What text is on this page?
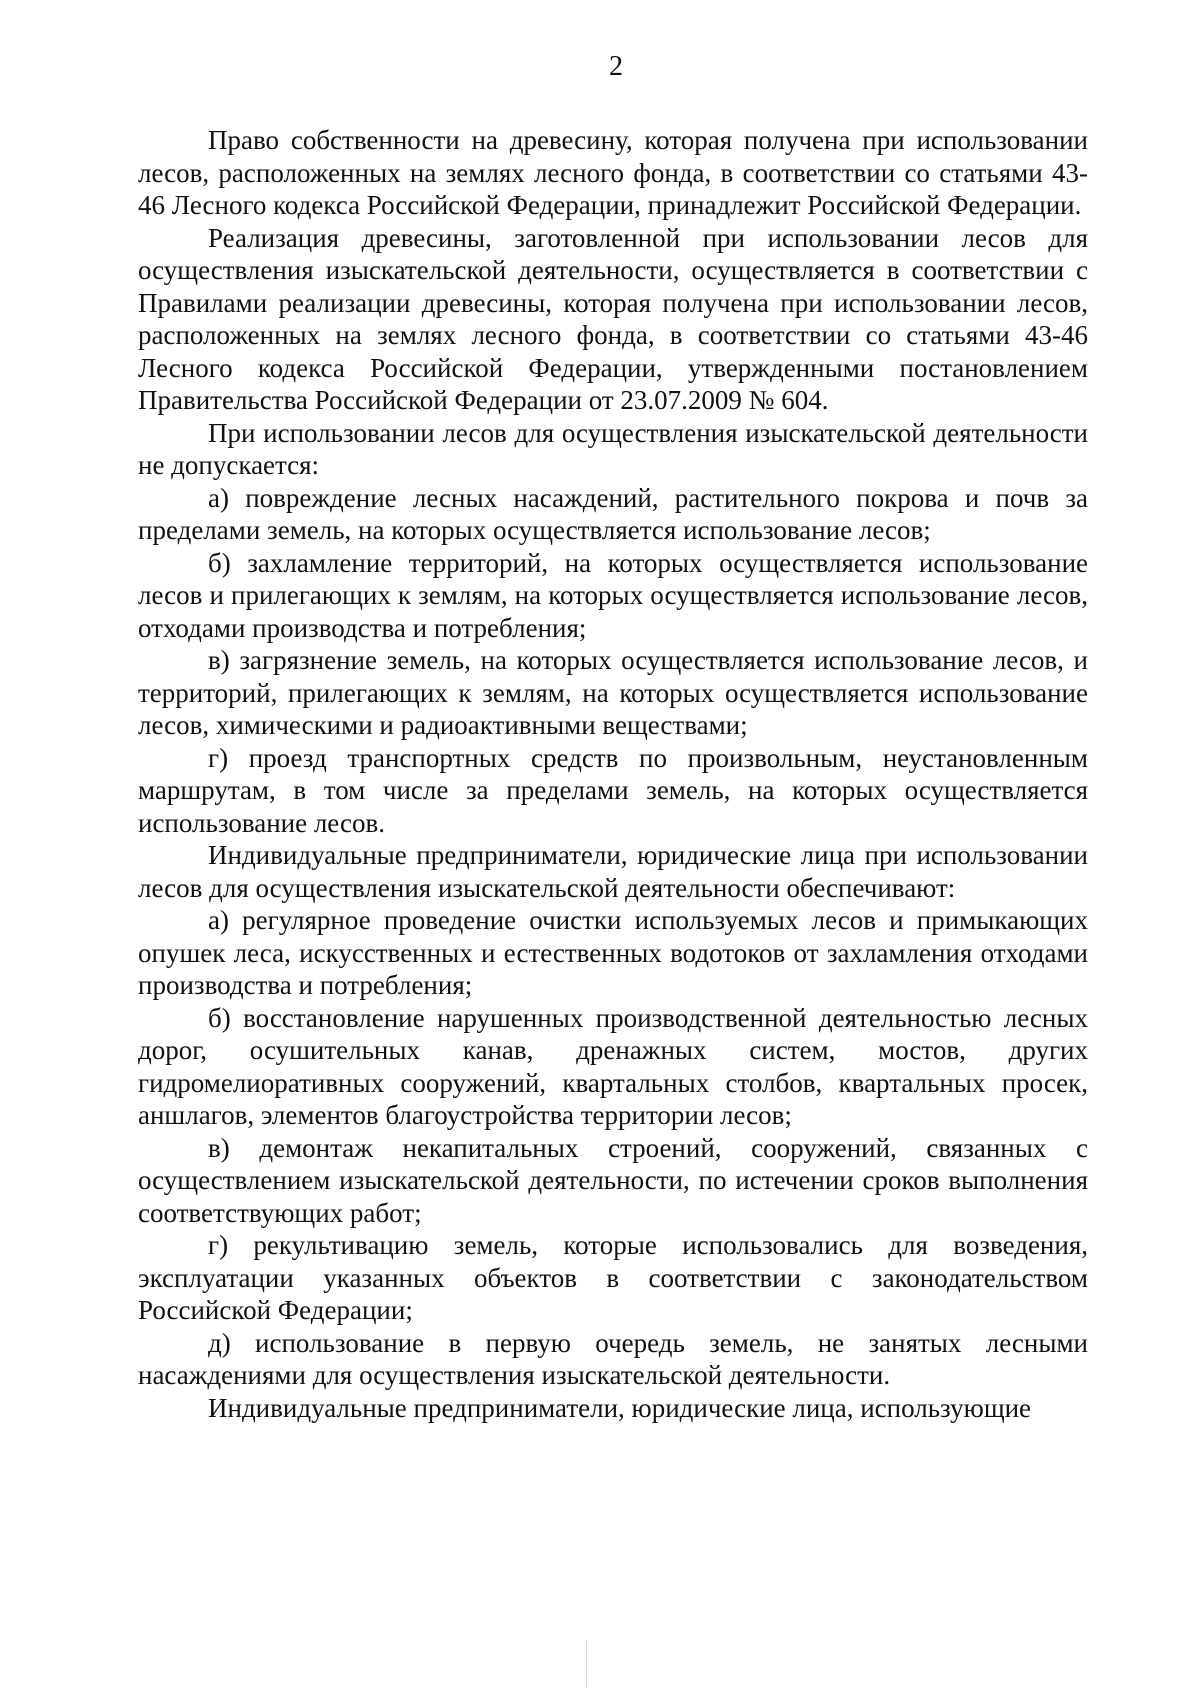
2

Право собственности на древесину, которая получена при использовании лесов, расположенных на землях лесного фонда, в соответствии со статьями 43-46 Лесного кодекса Российской Федерации, принадлежит Российской Федерации.

Реализация древесины, заготовленной при использовании лесов для осуществления изыскательской деятельности, осуществляется в соответствии с Правилами реализации древесины, которая получена при использовании лесов, расположенных на землях лесного фонда, в соответствии со статьями 43-46 Лесного кодекса Российской Федерации, утвержденными постановлением Правительства Российской Федерации от 23.07.2009 № 604.

При использовании лесов для осуществления изыскательской деятельности не допускается:

а) повреждение лесных насаждений, растительного покрова и почв за пределами земель, на которых осуществляется использование лесов;

б) захламление территорий, на которых осуществляется использование лесов и прилегающих к землям, на которых осуществляется использование лесов, отходами производства и потребления;

в) загрязнение земель, на которых осуществляется использование лесов, и территорий, прилегающих к землям, на которых осуществляется использование лесов, химическими и радиоактивными веществами;

г) проезд транспортных средств по произвольным, неустановленным маршрутам, в том числе за пределами земель, на которых осуществляется использование лесов.

Индивидуальные предприниматели, юридические лица при использовании лесов для осуществления изыскательской деятельности обеспечивают:

а) регулярное проведение очистки используемых лесов и примыкающих опушек леса, искусственных и естественных водотоков от захламления отходами производства и потребления;

б) восстановление нарушенных производственной деятельностью лесных дорог, осушительных канав, дренажных систем, мостов, других гидромелиоративных сооружений, квартальных столбов, квартальных просек, аншлагов, элементов благоустройства территории лесов;

в) демонтаж некапитальных строений, сооружений, связанных с осуществлением изыскательской деятельности, по истечении сроков выполнения соответствующих работ;

г) рекультивацию земель, которые использовались для возведения, эксплуатации указанных объектов в соответствии с законодательством Российской Федерации;

д) использование в первую очередь земель, не занятых лесными насаждениями для осуществления изыскательской деятельности.

Индивидуальные предприниматели, юридические лица, использующие
